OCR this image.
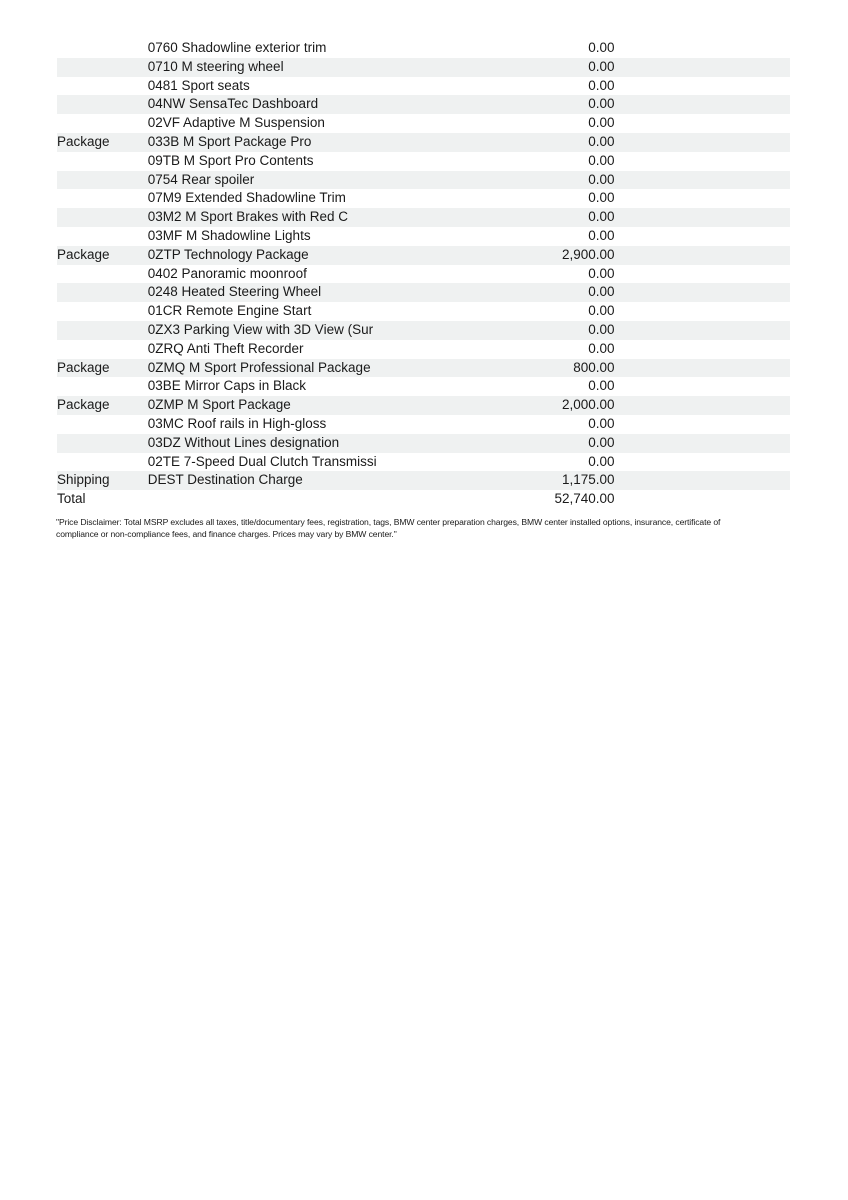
	0760 Shadowline exterior trim	0.00	
	0710 M steering wheel	0.00	
	0481 Sport seats	0.00	
	04NW SensaTec Dashboard	0.00	
	02VF Adaptive M Suspension	0.00	
Package	033B M Sport Package Pro	0.00	
	09TB M Sport Pro Contents	0.00	
	0754 Rear spoiler	0.00	
	07M9 Extended Shadowline Trim	0.00	
	03M2 M Sport Brakes with Red C	0.00	
	03MF M Shadowline Lights	0.00	
Package	0ZTP Technology Package	2,900.00	
	0402 Panoramic moonroof	0.00	
	0248 Heated Steering Wheel	0.00	
	01CR Remote Engine Start	0.00	
	0ZX3 Parking View with 3D View (Sur	0.00	
	0ZRQ Anti Theft Recorder	0.00	
Package	0ZMQ M Sport Professional Package	800.00	
	03BE Mirror Caps in Black	0.00	
Package	0ZMP M Sport Package	2,000.00	
	03MC Roof rails in High-gloss	0.00	
	03DZ Without Lines designation	0.00	
	02TE 7-Speed Dual Clutch Transmissi	0.00	
Shipping	DEST Destination Charge	1,175.00	
Total		52,740.00	
"Price Disclaimer: Total MSRP excludes all taxes, title/documentary fees, registration, tags, BMW center preparation charges, BMW center installed options, insurance, certificate of
compliance or non-compliance fees, and finance charges. Prices may vary by BMW center."
